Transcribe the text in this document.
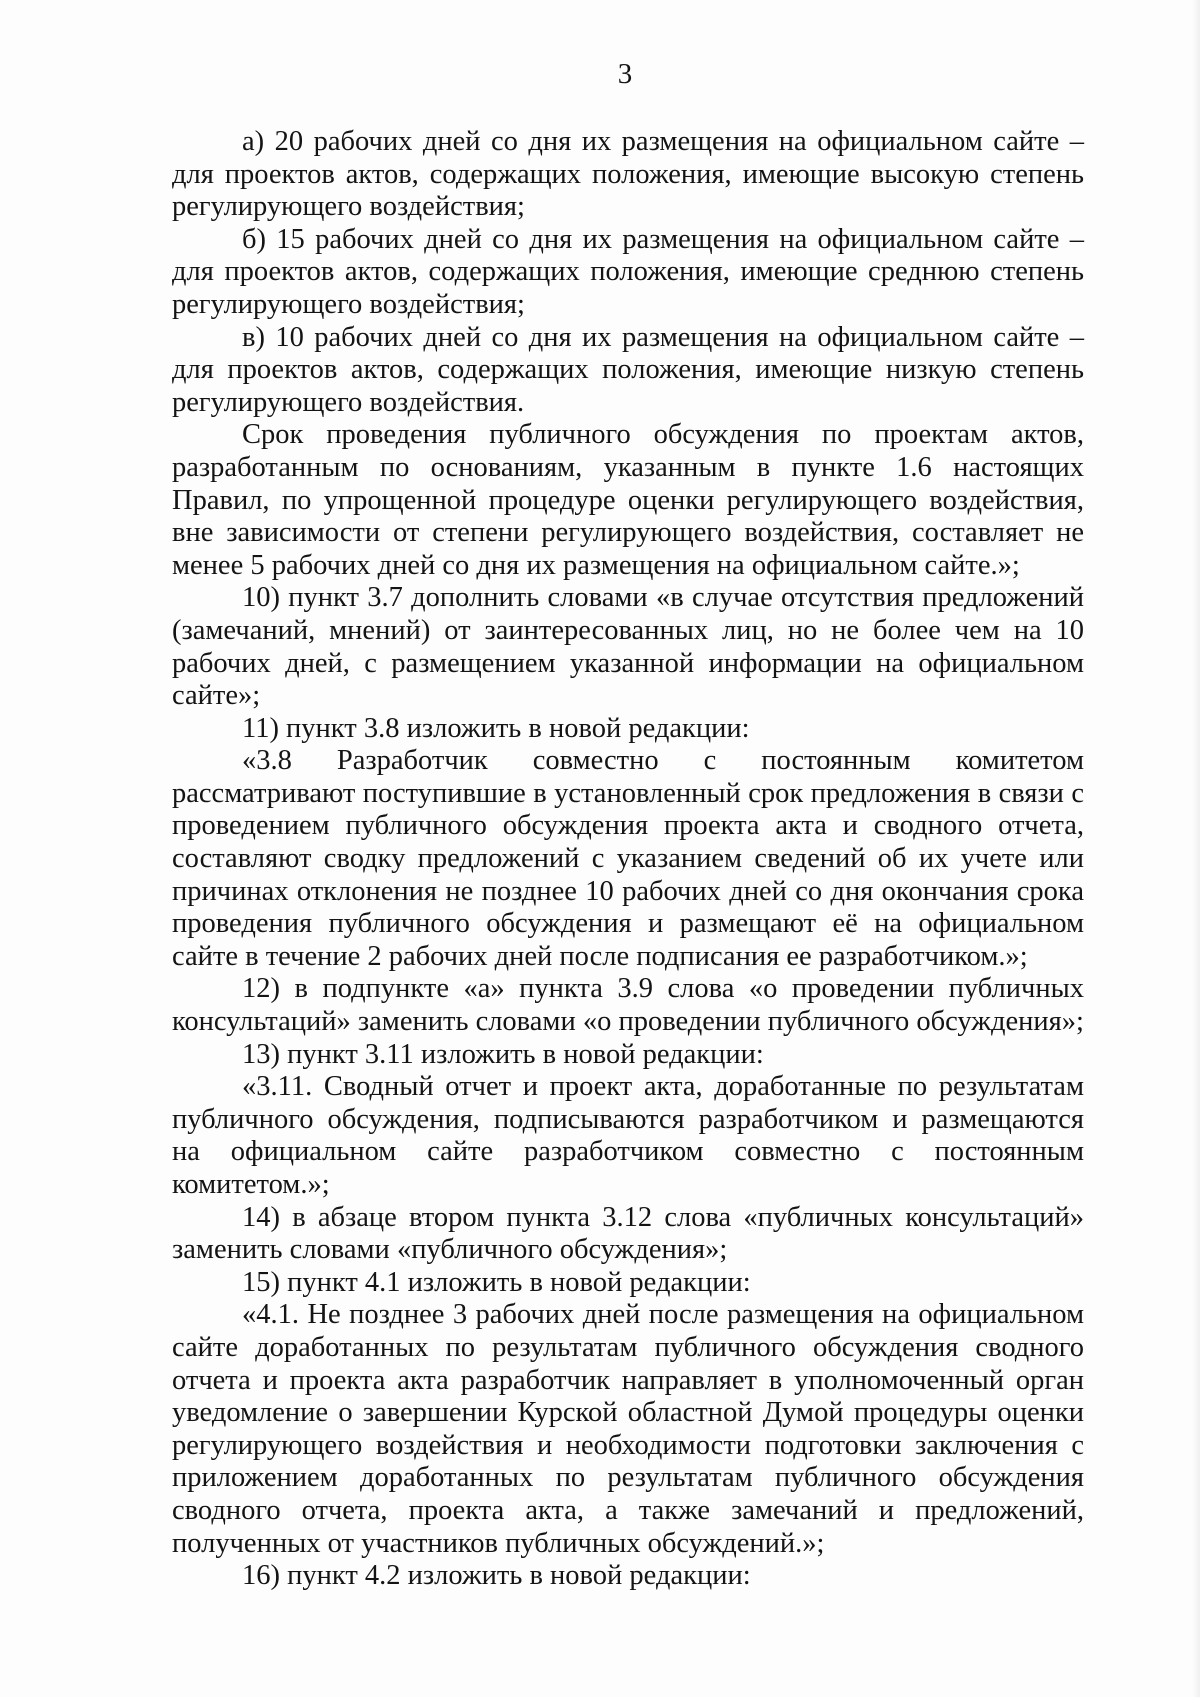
3

а) 20 рабочих дней со дня их размещения на официальном сайте – для проектов актов, содержащих положения, имеющие высокую степень регулирующего воздействия;

б) 15 рабочих дней со дня их размещения на официальном сайте – для проектов актов, содержащих положения, имеющие среднюю степень регулирующего воздействия;

в) 10 рабочих дней со дня их размещения на официальном сайте – для проектов актов, содержащих положения, имеющие низкую степень регулирующего воздействия.

Срок проведения публичного обсуждения по проектам актов, разработанным по основаниям, указанным в пункте 1.6 настоящих Правил, по упрощенной процедуре оценки регулирующего воздействия, вне зависимости от степени регулирующего воздействия, составляет не менее 5 рабочих дней со дня их размещения на официальном сайте.»;

10) пункт 3.7 дополнить словами «в случае отсутствия предложений (замечаний, мнений) от заинтересованных лиц, но не более чем на 10 рабочих дней, с размещением указанной информации на официальном сайте»;

11) пункт 3.8 изложить в новой редакции:

«3.8 Разработчик совместно с постоянным комитетом рассматривают поступившие в установленный срок предложения в связи с проведением публичного обсуждения проекта акта и сводного отчета, составляют сводку предложений с указанием сведений об их учете или причинах отклонения не позднее 10 рабочих дней со дня окончания срока проведения публичного обсуждения и размещают её на официальном сайте в течение 2 рабочих дней после подписания ее разработчиком.»;

12) в подпункте «а» пункта 3.9 слова «о проведении публичных консультаций» заменить словами «о проведении публичного обсуждения»;

13) пункт 3.11 изложить в новой редакции:

«3.11. Сводный отчет и проект акта, доработанные по результатам публичного обсуждения, подписываются разработчиком и размещаются на официальном сайте разработчиком совместно с постоянным комитетом.»;

14) в абзаце втором пункта 3.12 слова «публичных консультаций» заменить словами «публичного обсуждения»;

15) пункт 4.1 изложить в новой редакции:

«4.1. Не позднее 3 рабочих дней после размещения на официальном сайте доработанных по результатам публичного обсуждения сводного отчета и проекта акта разработчик направляет в уполномоченный орган уведомление о завершении Курской областной Думой процедуры оценки регулирующего воздействия и необходимости подготовки заключения с приложением доработанных по результатам публичного обсуждения сводного отчета, проекта акта, а также замечаний и предложений, полученных от участников публичных обсуждений.»;

16) пункт 4.2 изложить в новой редакции:
